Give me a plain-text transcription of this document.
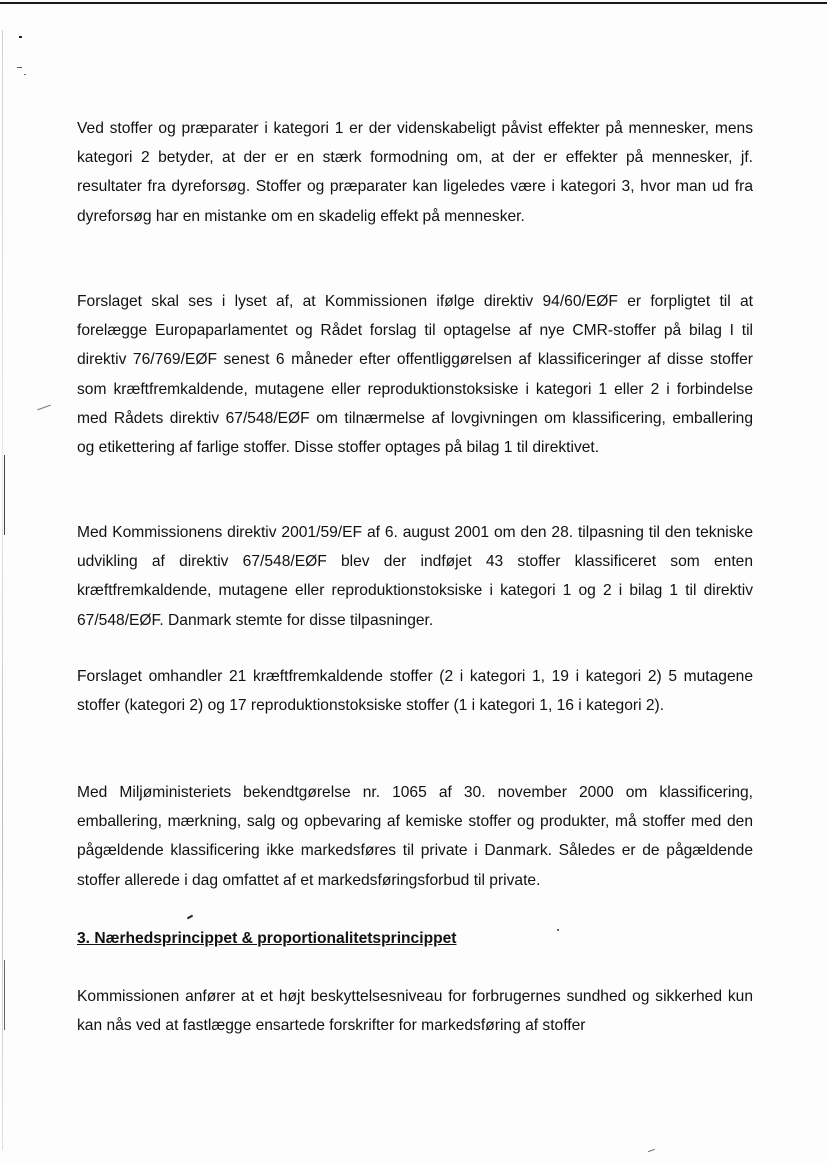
Ved stoffer og præparater i kategori 1 er der videnskabeligt påvist effekter på mennesker, mens kategori 2 betyder, at der er en stærk formodning om, at der er effekter på mennesker, jf. resultater fra dyreforsøg. Stoffer og præparater kan ligeledes være i kategori 3, hvor man ud fra dyreforsøg har en mistanke om en skadelig effekt på mennesker.

Forslaget skal ses i lyset af, at Kommissionen ifølge direktiv 94/60/EØF er forpligtet til at forelægge Europaparlamentet og Rådet forslag til optagelse af nye CMR-stoffer på bilag I til direktiv 76/769/EØF senest 6 måneder efter offentliggørelsen af klassificeringer af disse stoffer som kræftfremkaldende, mutagene eller reproduktionstoksiske i kategori 1 eller 2 i forbindelse med Rådets direktiv 67/548/EØF om tilnærmelse af lovgivningen om klassificering, emballering og etikettering af farlige stoffer. Disse stoffer optages på bilag 1 til direktivet.

Med Kommissionens direktiv 2001/59/EF af 6. august 2001 om den 28. tilpasning til den tekniske udvikling af direktiv 67/548/EØF blev der indføjet 43 stoffer klassificeret som enten kræftfremkaldende, mutagene eller reproduktionstoksiske i kategori 1 og 2 i bilag 1 til direktiv 67/548/EØF. Danmark stemte for disse tilpasninger.

Forslaget omhandler 21 kræftfremkaldende stoffer (2 i kategori 1, 19 i kategori 2) 5 mutagene stoffer (kategori 2) og 17 reproduktionstoksiske stoffer (1 i kategori 1, 16 i kategori 2).

Med Miljøministeriets bekendtgørelse nr. 1065 af 30. november 2000 om klassificering, emballering, mærkning, salg og opbevaring af kemiske stoffer og produkter, må stoffer med den pågældende klassificering ikke markedsføres til private i Danmark. Således er de pågældende stoffer allerede i dag omfattet af et markedsføringsforbud til private.

3. Nærhedsprincippet & proportionalitetsprincippet

Kommissionen anfører at et højt beskyttelsesniveau for forbrugernes sundhed og sikkerhed kun kan nås ved at fastlægge ensartede forskrifter for markedsføring af stoffer
